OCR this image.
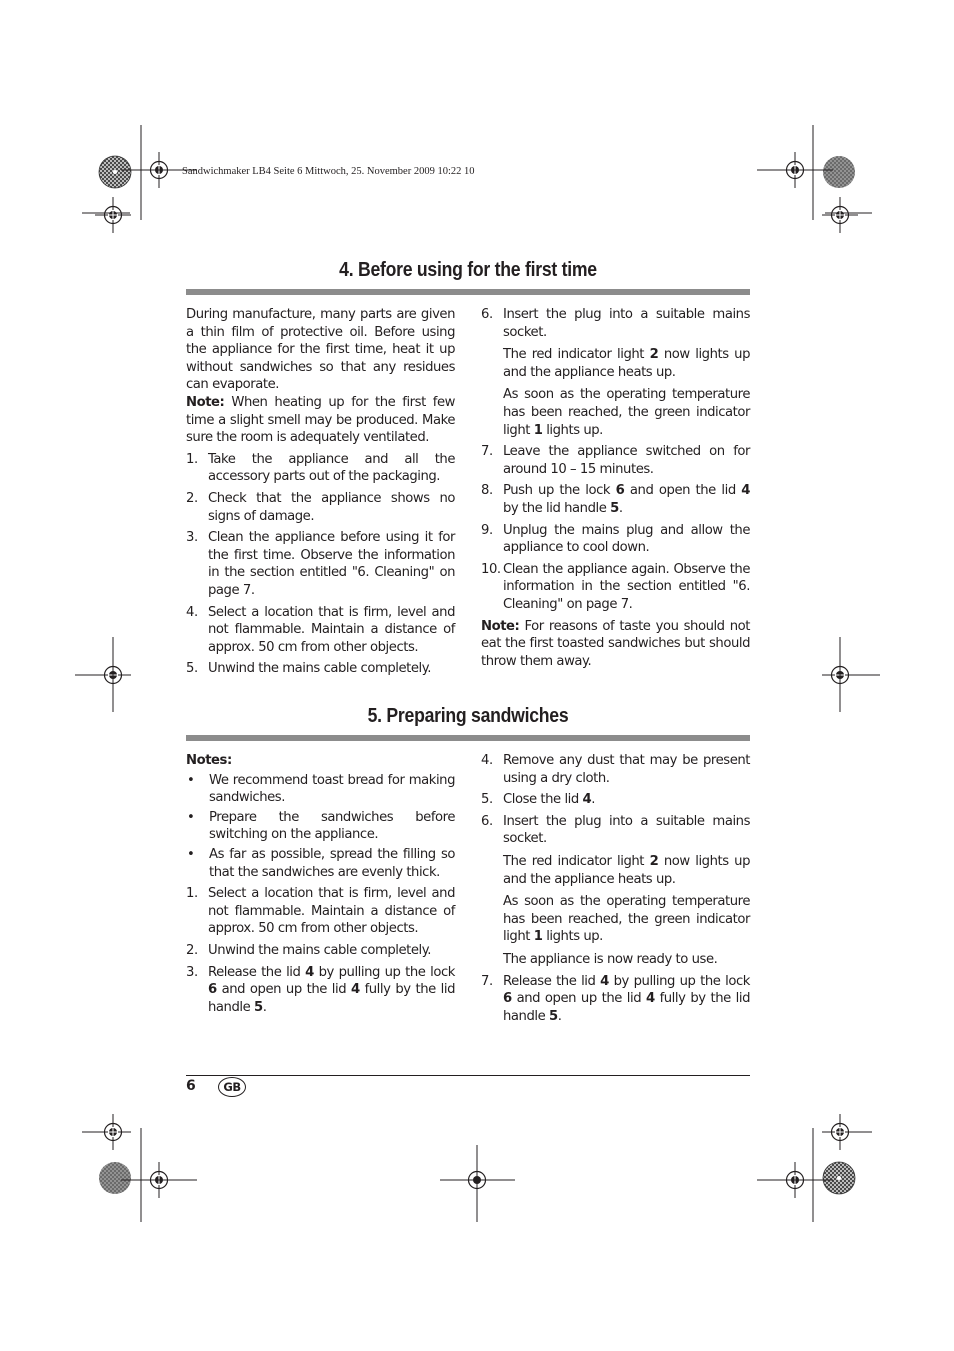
Sandwichmaker LB4 Seite 6 Mittwoch, 25. November 2009 10:22 10
4. Before using for the first time

During manufacture, many parts are given a thin film of protective oil. Before using the appliance for the first time, heat it up without sandwiches so that any residues can evaporate.

Note: When heating up for the first few time a slight smell may be produced. Make sure the room is adequately ventilated.

1. Take the appliance and all the accessory parts out of the packaging.
2. Check that the appliance shows no signs of damage.
3. Clean the appliance before using it for the first time. Observe the information in the section entitled "6. Cleaning" on page 7.
4. Select a location that is firm, level and not flammable. Maintain a distance of approx. 50 cm from other objects.
5. Unwind the mains cable completely.
6. Insert the plug into a suitable mains socket.
The red indicator light 2 now lights up and the appliance heats up.
As soon as the operating temperature has been reached, the green indicator light 1 lights up.
7. Leave the appliance switched on for around 10 – 15 minutes.
8. Push up the lock 6 and open the lid 4 by the lid handle 5.
9. Unplug the mains plug and allow the appliance to cool down.
10. Clean the appliance again. Observe the information in the section entitled "6. Cleaning" on page 7.

Note: For reasons of taste you should not eat the first toasted sandwiches but should throw them away.

5. Preparing sandwiches

Notes:

•	We recommend toast bread for making sandwiches.
•	Prepare the sandwiches before switching on the appliance.
•	As far as possible, spread the filling so that the sandwiches are evenly thick.
1. Select a location that is firm, level and not flammable. Maintain a distance of approx. 50 cm from other objects.
2. Unwind the mains cable completely.
3. Release the lid 4 by pulling up the lock 6 and open up the lid 4 fully by the lid handle 5.
4. Remove any dust that may be present using a dry cloth.
5. Close the lid 4.
6. Insert the plug into a suitable mains socket.
The red indicator light 2 now lights up and the appliance heats up.
As soon as the operating temperature has been reached, the green indicator light 1 lights up.
The appliance is now ready to use.
7. Release the lid 4 by pulling up the lock 6 and open up the lid 4 fully by the lid handle 5.
6	GB
